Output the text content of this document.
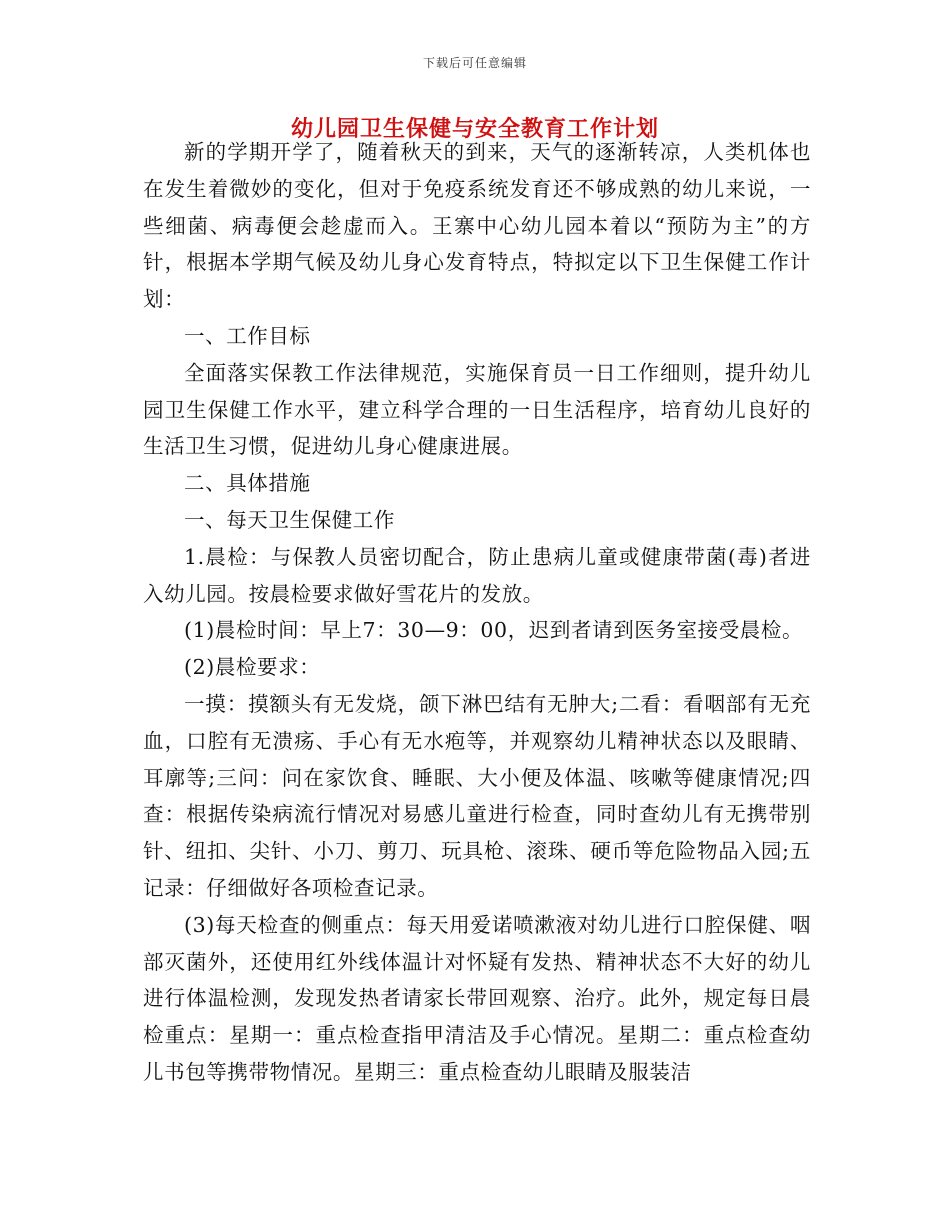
下载后可任意编辑
幼儿园卫生保健与安全教育工作计划

新的学期开学了，随着秋天的到来，天气的逐渐转凉，人类机体也在发生着微妙的变化，但对于免疫系统发育还不够成熟的幼儿来说，一些细菌、病毒便会趁虚而入。王寨中心幼儿园本着以“预防为主”的方针，根据本学期气候及幼儿身心发育特点，特拟定以下卫生保健工作计划：

一、工作目标

全面落实保教工作法律规范，实施保育员一日工作细则，提升幼儿园卫生保健工作水平，建立科学合理的一日生活程序，培育幼儿良好的生活卫生习惯，促进幼儿身心健康进展。

二、具体措施

一、每天卫生保健工作

1.晨检：与保教人员密切配合，防止患病儿童或健康带菌(毒)者进入幼儿园。按晨检要求做好雪花片的发放。

(1)晨检时间：早上7：30—9：00，迟到者请到医务室接受晨检。

(2)晨检要求：

一摸：摸额头有无发烧，颌下淋巴结有无肿大;二看：看咽部有无充血，口腔有无溃疡、手心有无水疱等，并观察幼儿精神状态以及眼睛、耳廓等;三问：问在家饮食、睡眠、大小便及体温、咳嗽等健康情况;四查：根据传染病流行情况对易感儿童进行检查，同时查幼儿有无携带别针、纽扣、尖针、小刀、剪刀、玩具枪、滚珠、硬币等危险物品入园;五记录：仔细做好各项检查记录。

(3)每天检查的侧重点：每天用爱诺喷漱液对幼儿进行口腔保健、咽部灭菌外，还使用红外线体温计对怀疑有发热、精神状态不大好的幼儿进行体温检测，发现发热者请家长带回观察、治疗。此外，规定每日晨检重点：星期一：重点检查指甲清洁及手心情况。星期二：重点检查幼儿书包等携带物情况。星期三：重点检查幼儿眼睛及服装洁
